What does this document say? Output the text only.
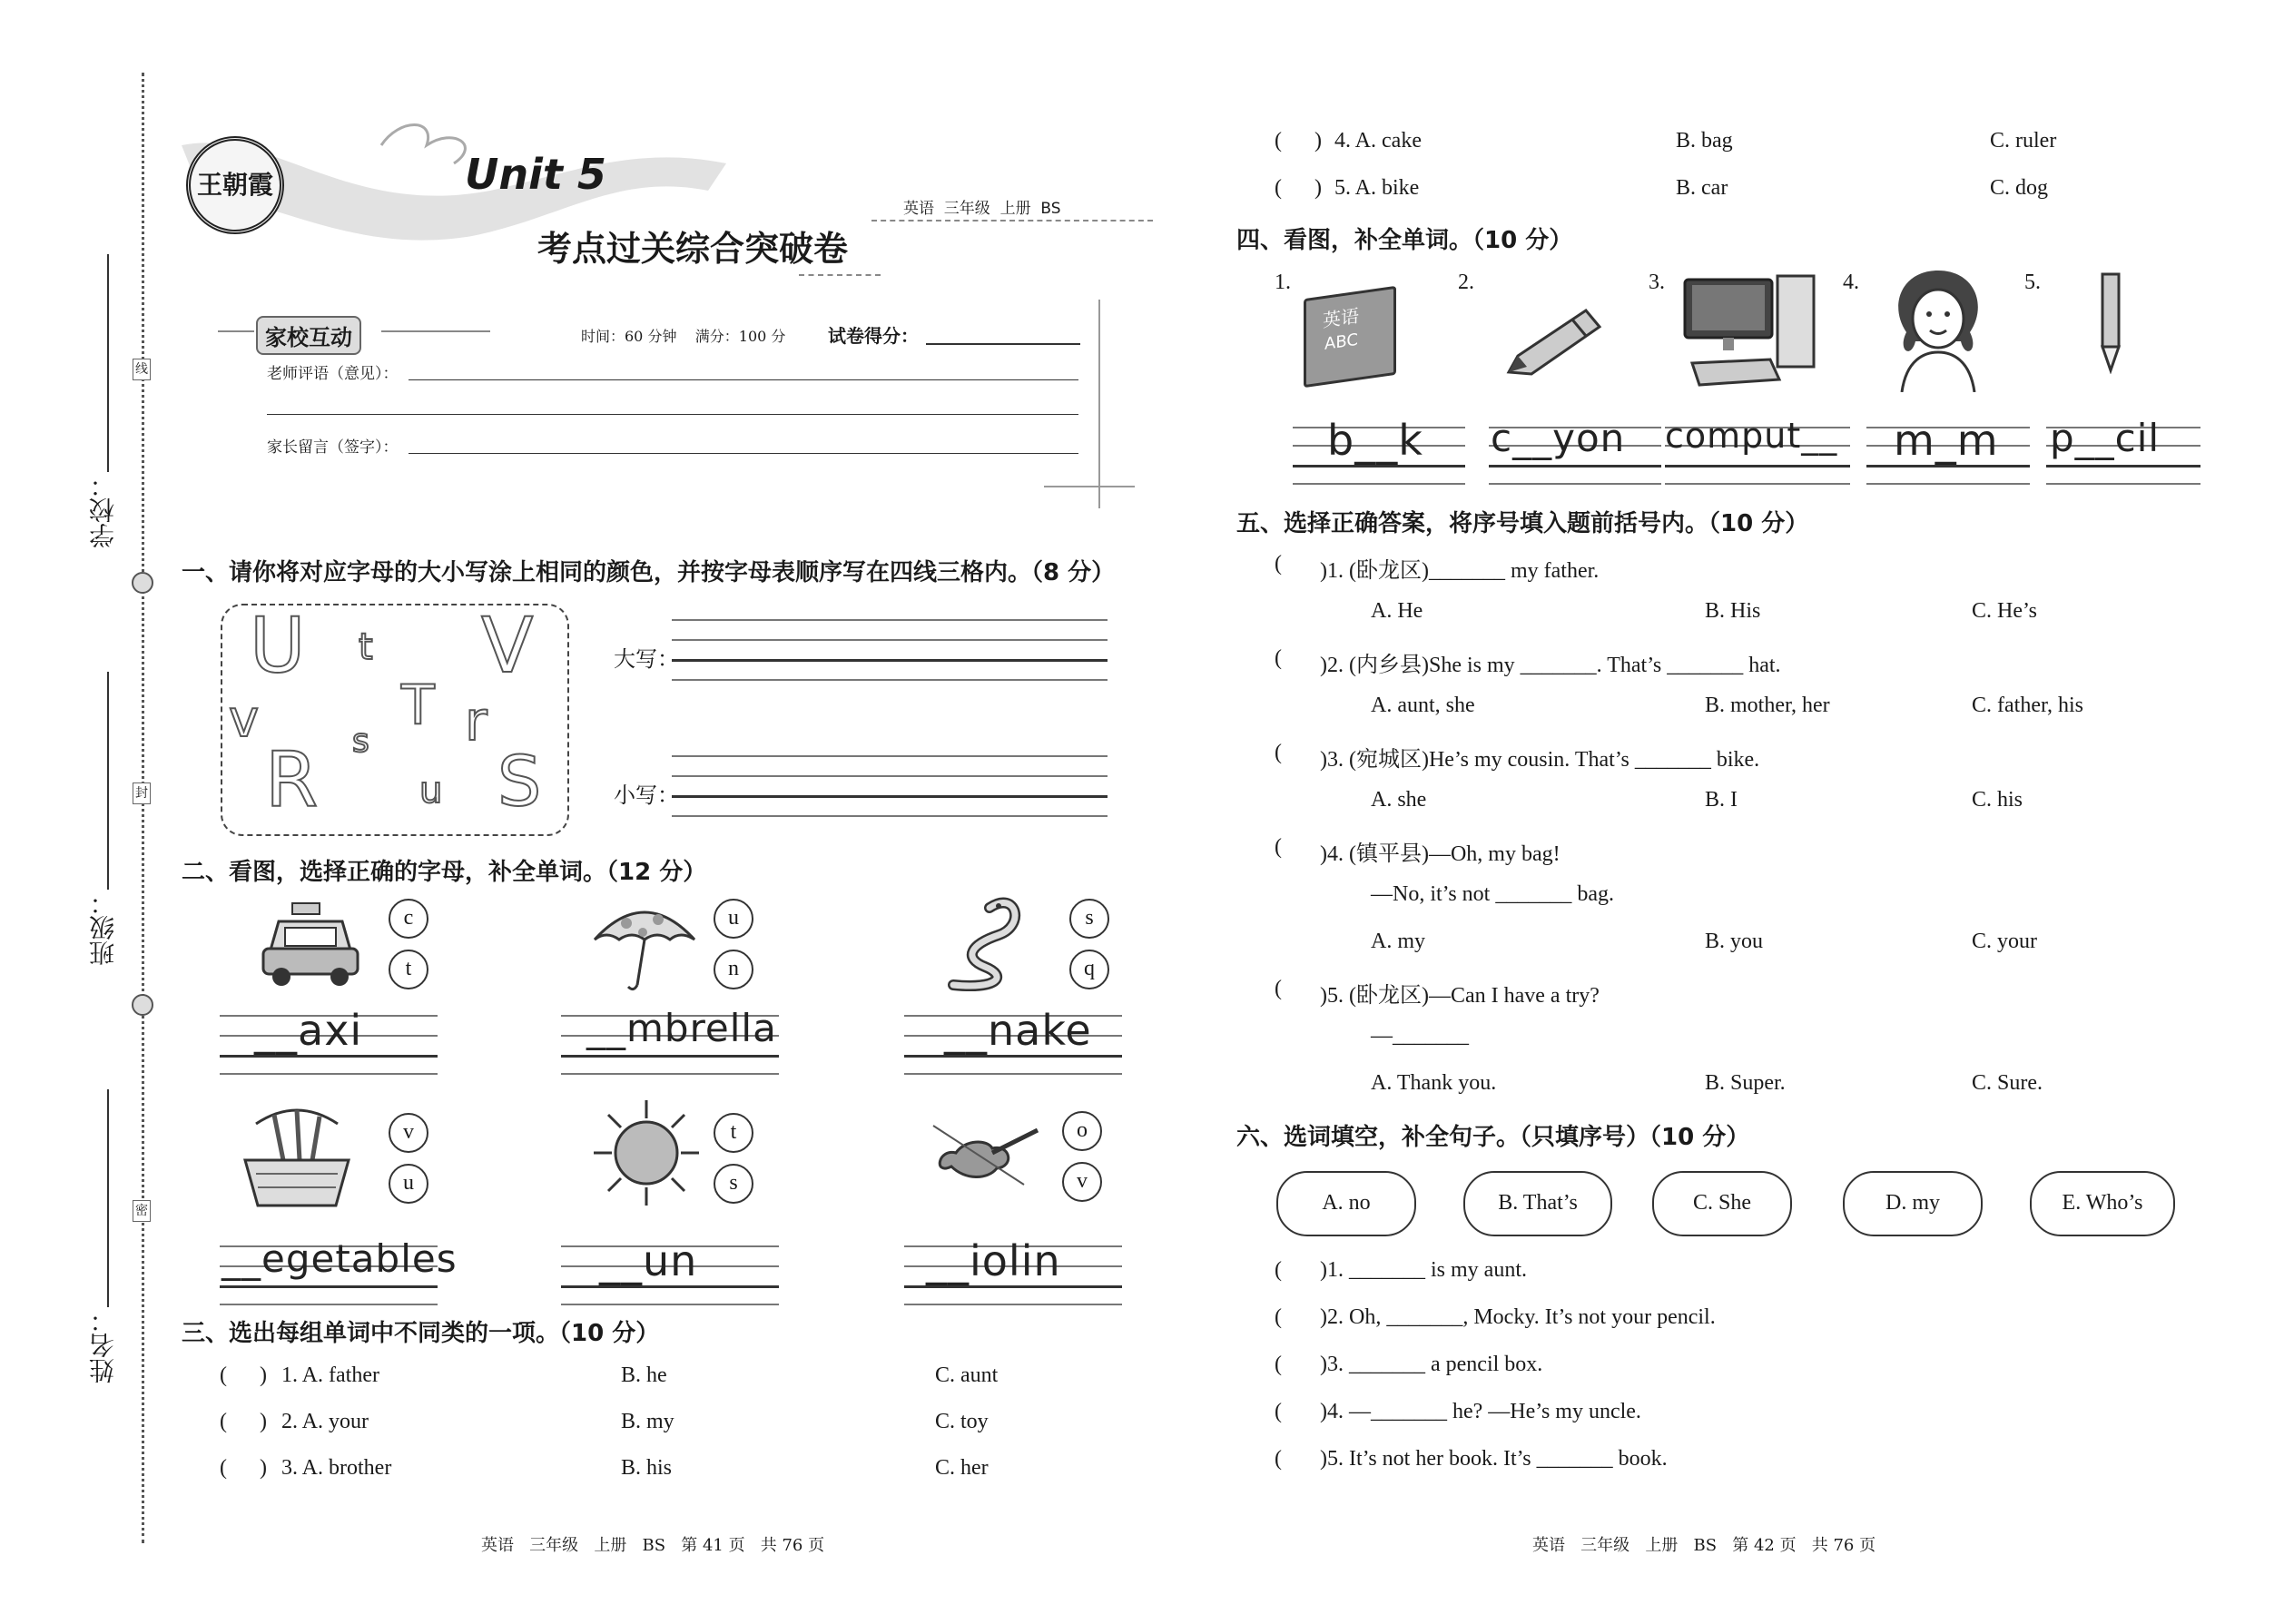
学校：
班级：
姓名：
线
封
密
王朝霞	Unit 5
考点过关综合突破卷
英语  三年级  上册  BS
家校互动	时间：60 分钟    满分：100 分 试卷得分：
老师评语（意见）：
家长留言（签字）：
一、请你将对应字母的大小写涂上相同的颜色，并按字母表顺序写在四线三格内。（8 分）
U t V
v	T r
R s
u S
大写：
小写：
二、看图，选择正确的字母，补全单词。（12 分）
c
t
__axi
u
n
__mbrella
s
q
__nake
v
u
__egetables
t
s
__un
o
v
__iolin
三、选出每组单词中不同类的一项。（10 分）
(      ) 1. A. father	B. he	C. aunt
(      ) 2. A. your	B. my	C. toy
(      ) 3. A. brother	B. his	C. her
英语   三年级   上册   BS   第 41 页   共 76 页
(      ) 4. A. cake	B. bag	C. ruler
(      ) 5. A. bike	B. car	C. dog
四、看图，补全单词。（10 分）
1.
英语
ABC
2.	3.	4.	5.
b__k c__yon comput__ m_m p__cil
五、选择正确答案，将序号填入题前括号内。（10 分）
( )1. (卧龙区)_______ my father.
A. He	B. His	C. He’s
( )2. (内乡县)She is my _______. That’s _______ hat.
A. aunt, she	B. mother, her	C. father, his
( )3. (宛城区)He’s my cousin. That’s _______ bike.
A. she	B. I	C. his
( )4. (镇平县)—Oh, my bag!
—No, it’s not _______ bag.
A. my	B. you	C. your
( )5. (卧龙区)—Can I have a try?
—_______
A. Thank you.	B. Super.	C. Sure.
六、选词填空，补全句子。（只填序号）（10 分）
A. no	B. That’s	C. She	D. my	E. Who’s
( )1. _______ is my aunt.
( )2. Oh, _______, Mocky. It’s not your pencil.
( )3. _______ a pencil box.
( )4. —_______ he? —He’s my uncle.
( )5. It’s not her book. It’s _______ book.
英语   三年级   上册   BS   第 42 页   共 76 页
